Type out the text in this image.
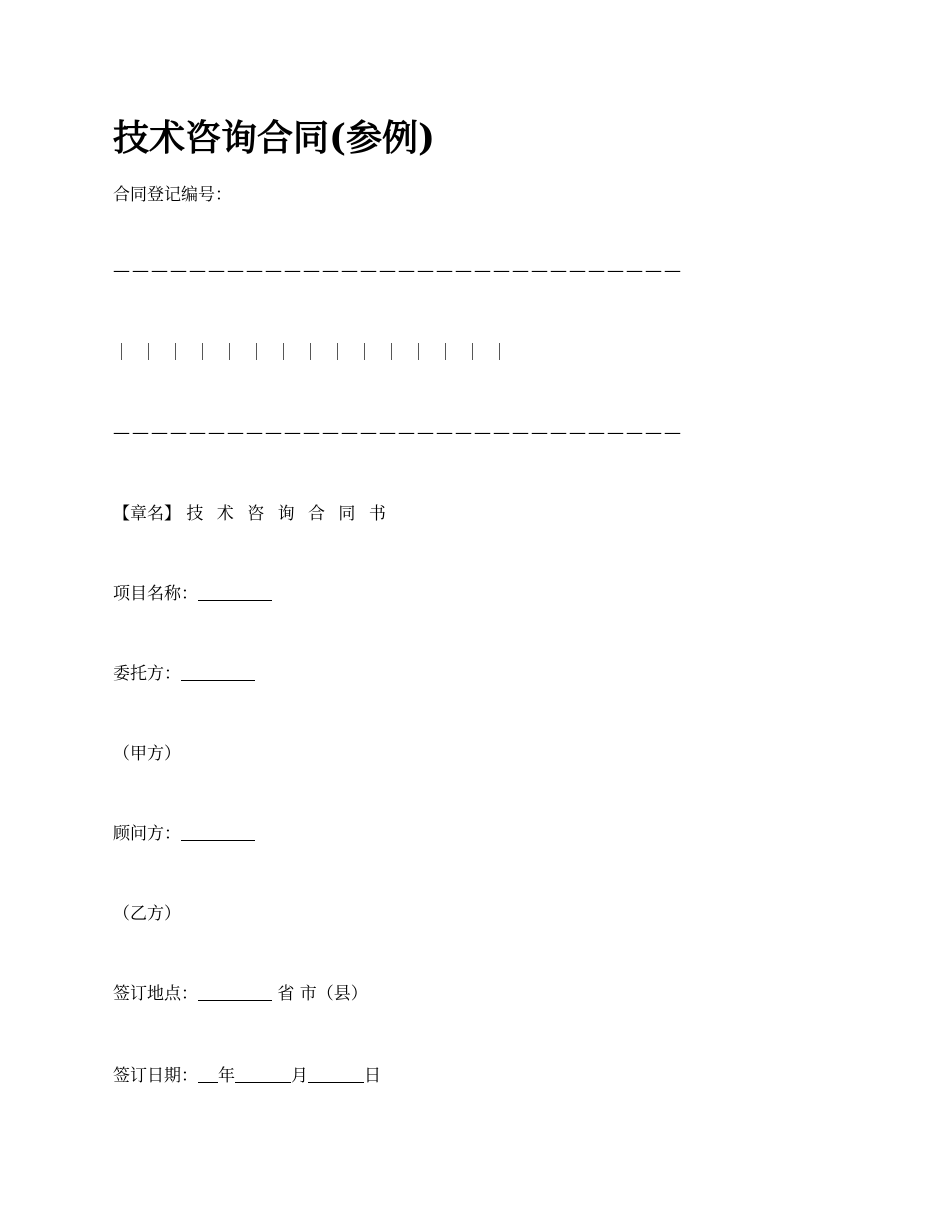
技术咨询合同(参例)
合同登记编号：
——————————————————————————————
｜｜｜｜｜｜｜｜｜｜｜｜｜｜｜
——————————————————————————————
【章名】 技 术 咨 询 合 同 书
项目名称：
委托方：
（甲方）
顾问方：
（乙方）
签订地点：	省 市（县）
签订日期： 年	月	日
